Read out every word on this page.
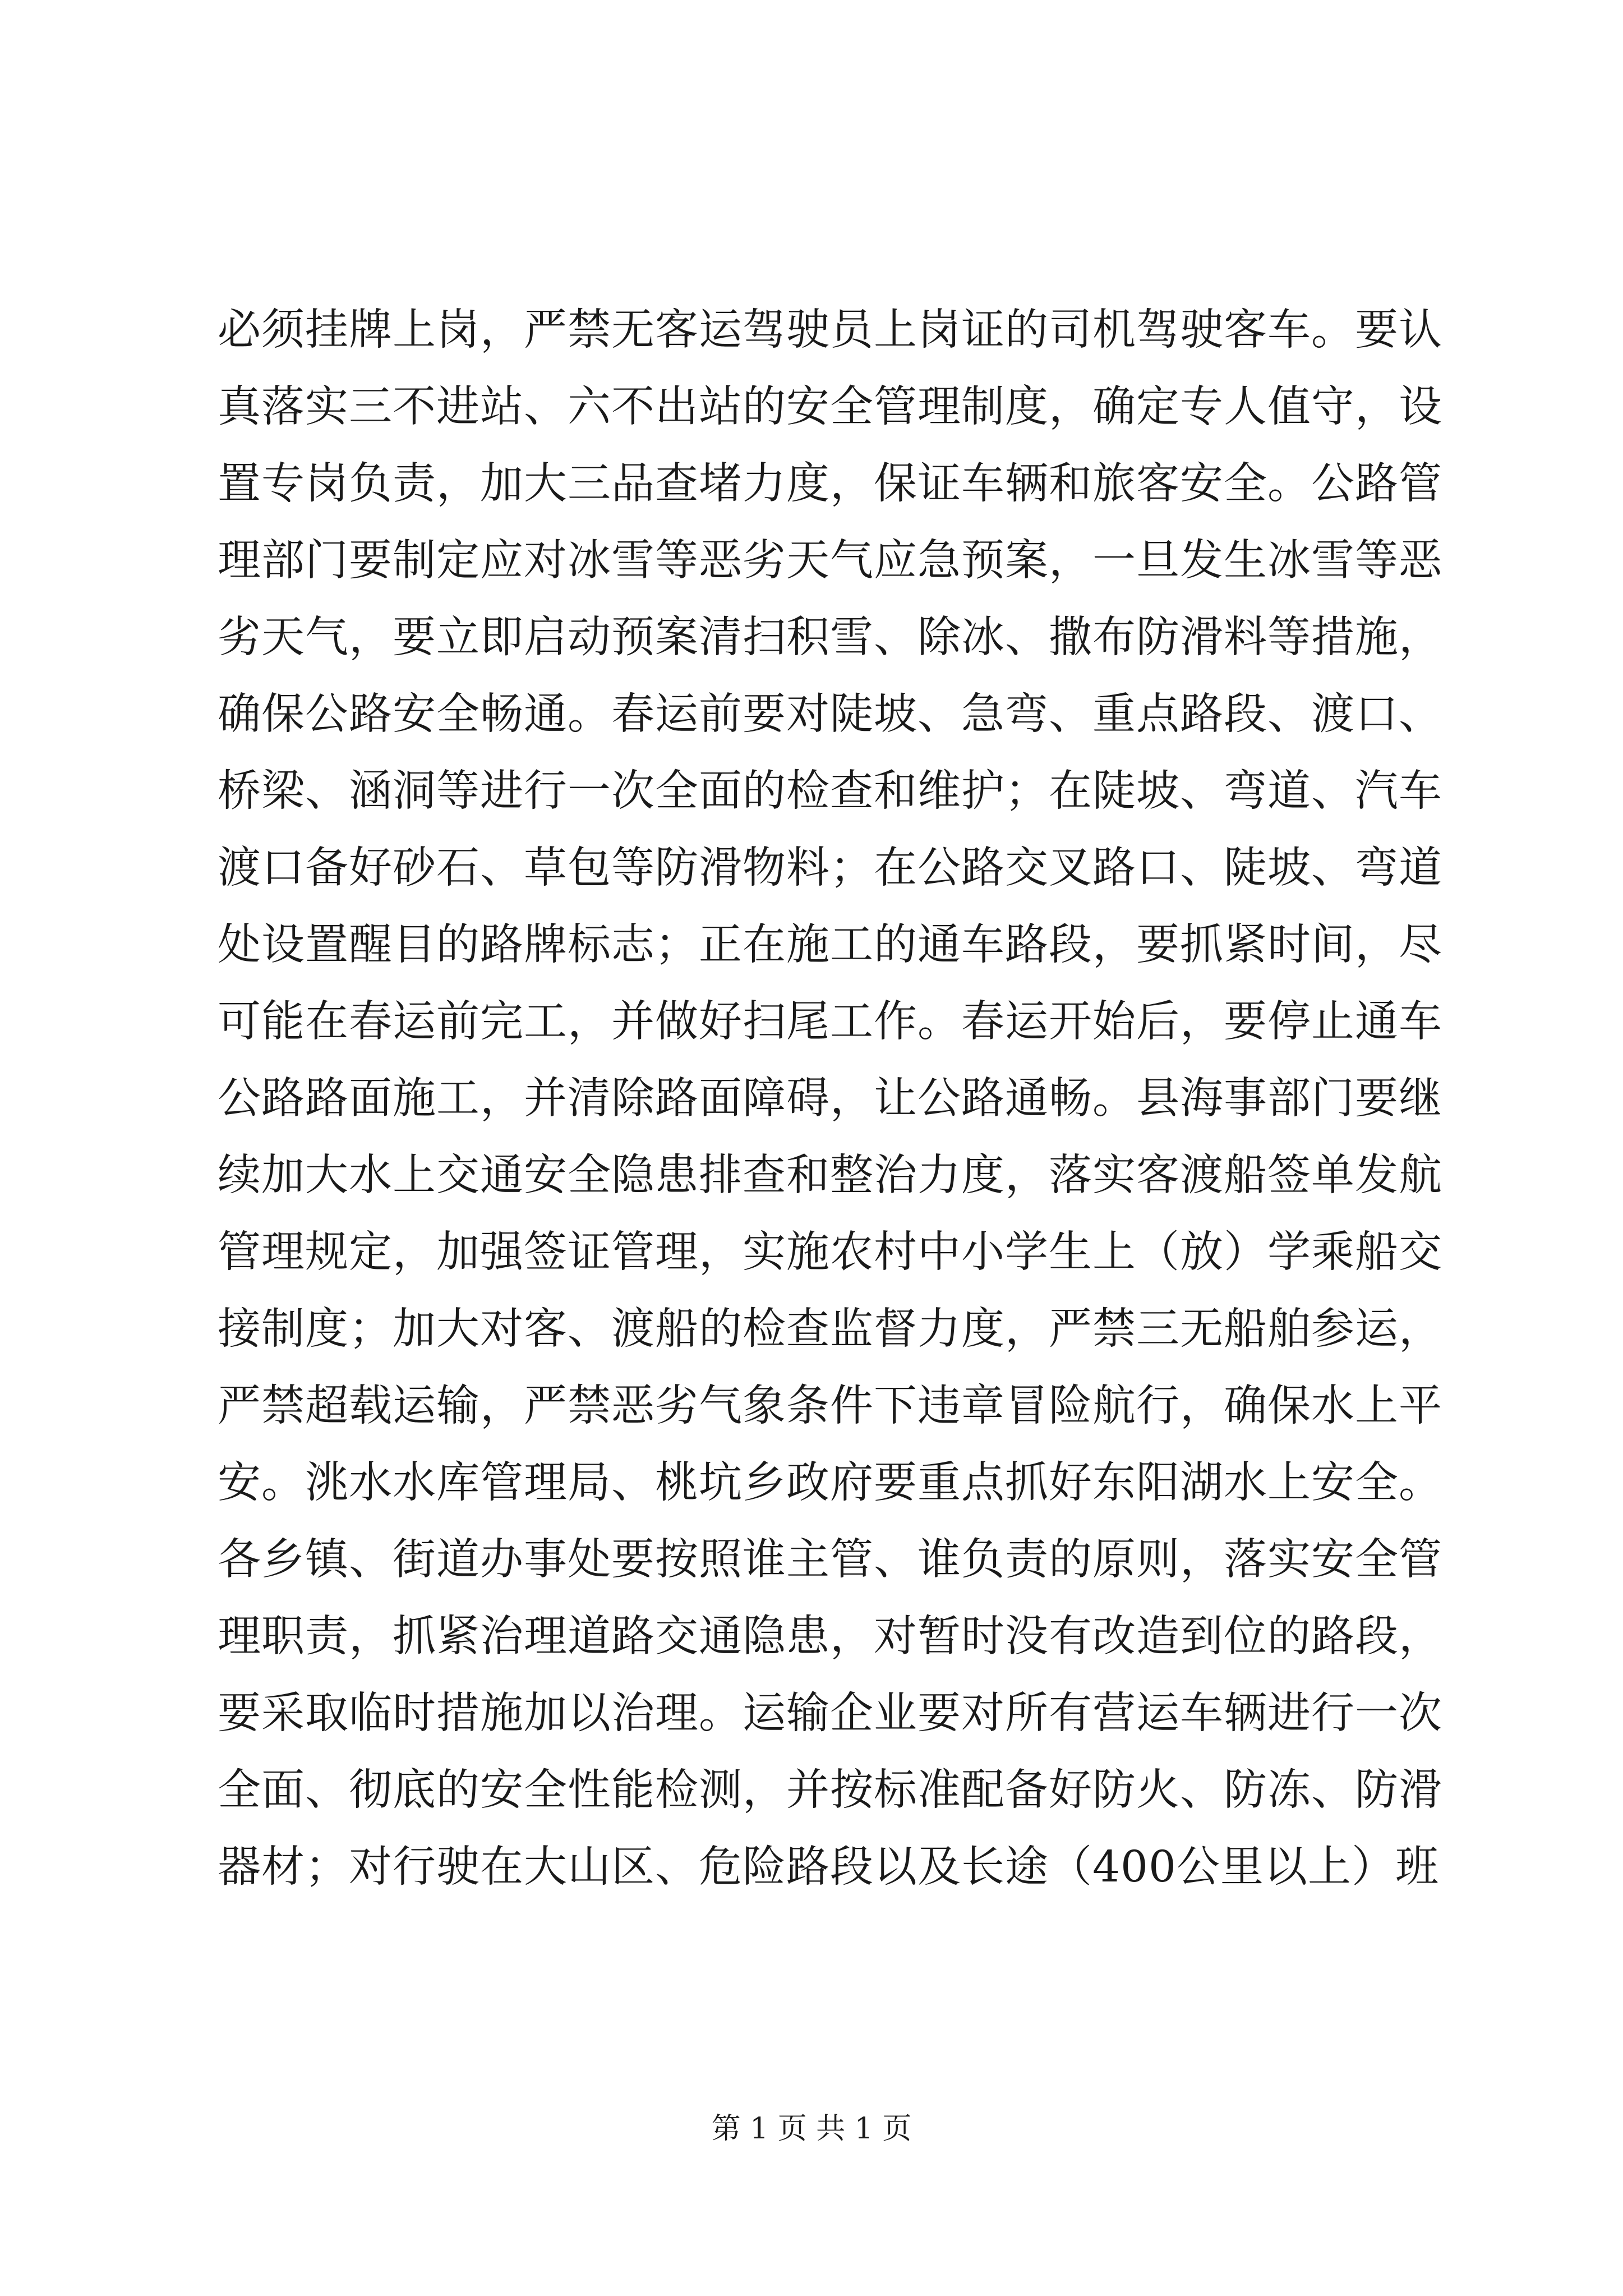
必须挂牌上岗，严禁无客运驾驶员上岗证的司机驾驶客车。要认
真落实三不进站、六不出站的安全管理制度，确定专人值守，设
置专岗负责，加大三品查堵力度，保证车辆和旅客安全。公路管
理部门要制定应对冰雪等恶劣天气应急预案，一旦发生冰雪等恶
劣天气，要立即启动预案清扫积雪、除冰、撒布防滑料等措施，
确保公路安全畅通。春运前要对陡坡、急弯、重点路段、渡口、
桥梁、涵洞等进行一次全面的检查和维护；在陡坡、弯道、汽车
渡口备好砂石、草包等防滑物料；在公路交叉路口、陡坡、弯道
处设置醒目的路牌标志；正在施工的通车路段，要抓紧时间，尽
可能在春运前完工，并做好扫尾工作。春运开始后，要停止通车
公路路面施工，并清除路面障碍，让公路通畅。县海事部门要继
续加大水上交通安全隐患排查和整治力度，落实客渡船签单发航
管理规定，加强签证管理，实施农村中小学生上（放）学乘船交
接制度；加大对客、渡船的检查监督力度，严禁三无船舶参运，
严禁超载运输，严禁恶劣气象条件下违章冒险航行，确保水上平
安。洮水水库管理局、桃坑乡政府要重点抓好东阳湖水上安全。
各乡镇、街道办事处要按照谁主管、谁负责的原则，落实安全管
理职责，抓紧治理道路交通隐患，对暂时没有改造到位的路段，
要采取临时措施加以治理。运输企业要对所有营运车辆进行一次
全面、彻底的安全性能检测，并按标准配备好防火、防冻、防滑
器材；对行驶在大山区、危险路段以及长途（400公里以上）班
第 1 页 共 1 页
